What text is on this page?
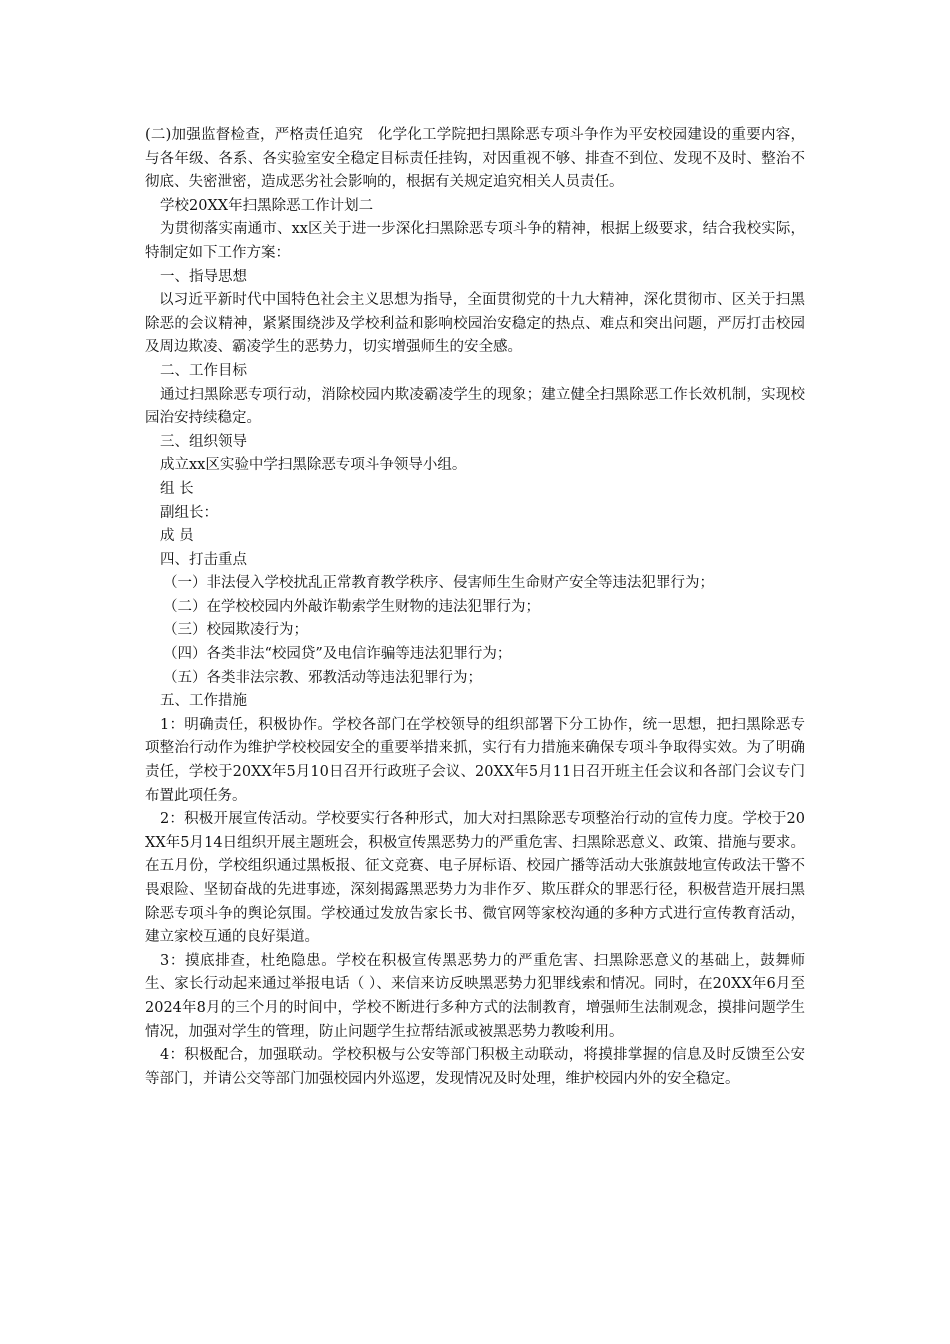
(二)加强监督检查，严格责任追究　化学化工学院把扫黑除恶专项斗争作为平安校园建设的重要内容，与各年级、各系、各实验室安全稳定目标责任挂钩，对因重视不够、排查不到位、发现不及时、整治不彻底、失密泄密，造成恶劣社会影响的，根据有关规定追究相关人员责任。

学校20XX年扫黑除恶工作计划二

为贯彻落实南通市、xx区关于进一步深化扫黑除恶专项斗争的精神，根据上级要求，结合我校实际，特制定如下工作方案：

一、指导思想

以习近平新时代中国特色社会主义思想为指导，全面贯彻党的十九大精神，深化贯彻市、区关于扫黑除恶的会议精神，紧紧围绕涉及学校利益和影响校园治安稳定的热点、难点和突出问题，严厉打击校园及周边欺凌、霸凌学生的恶势力，切实增强师生的安全感。

二、工作目标

通过扫黑除恶专项行动，消除校园内欺凌霸凌学生的现象；建立健全扫黑除恶工作长效机制，实现校园治安持续稳定。

三、组织领导

成立xx区实验中学扫黑除恶专项斗争领导小组。

组 长

副组长：

成 员

四、打击重点

（一）非法侵入学校扰乱正常教育教学秩序、侵害师生生命财产安全等违法犯罪行为；

（二）在学校校园内外敲诈勒索学生财物的违法犯罪行为；

（三）校园欺凌行为；

（四）各类非法“校园贷”及电信诈骗等违法犯罪行为；

（五）各类非法宗教、邪教活动等违法犯罪行为；

五、工作措施

1：明确责任，积极协作。学校各部门在学校领导的组织部署下分工协作，统一思想，把扫黑除恶专项整治行动作为维护学校校园安全的重要举措来抓，实行有力措施来确保专项斗争取得实效。为了明确责任，学校于20XX年5月10日召开行政班子会议、20XX年5月11日召开班主任会议和各部门会议专门布置此项任务。

2：积极开展宣传活动。学校要实行各种形式，加大对扫黑除恶专项整治行动的宣传力度。学校于20XX年5月14日组织开展主题班会，积极宣传黑恶势力的严重危害、扫黑除恶意义、政策、措施与要求。在五月份，学校组织通过黑板报、征文竞赛、电子屏标语、校园广播等活动大张旗鼓地宣传政法干警不畏艰险、坚韧奋战的先进事迹，深刻揭露黑恶势力为非作歹、欺压群众的罪恶行径，积极营造开展扫黑除恶专项斗争的舆论氛围。学校通过发放告家长书、微官网等家校沟通的多种方式进行宣传教育活动，建立家校互通的良好渠道。

3：摸底排查，杜绝隐患。学校在积极宣传黑恶势力的严重危害、扫黑除恶意义的基础上，鼓舞师生、家长行动起来通过举报电话（ ）、来信来访反映黑恶势力犯罪线索和情况。同时，在20XX年6月至2024年8月的三个月的时间中，学校不断进行多种方式的法制教育，增强师生法制观念，摸排问题学生情况，加强对学生的管理，防止问题学生拉帮结派或被黑恶势力教唆利用。

4：积极配合，加强联动。学校积极与公安等部门积极主动联动，将摸排掌握的信息及时反馈至公安等部门，并请公交等部门加强校园内外巡逻，发现情况及时处理，维护校园内外的安全稳定。
